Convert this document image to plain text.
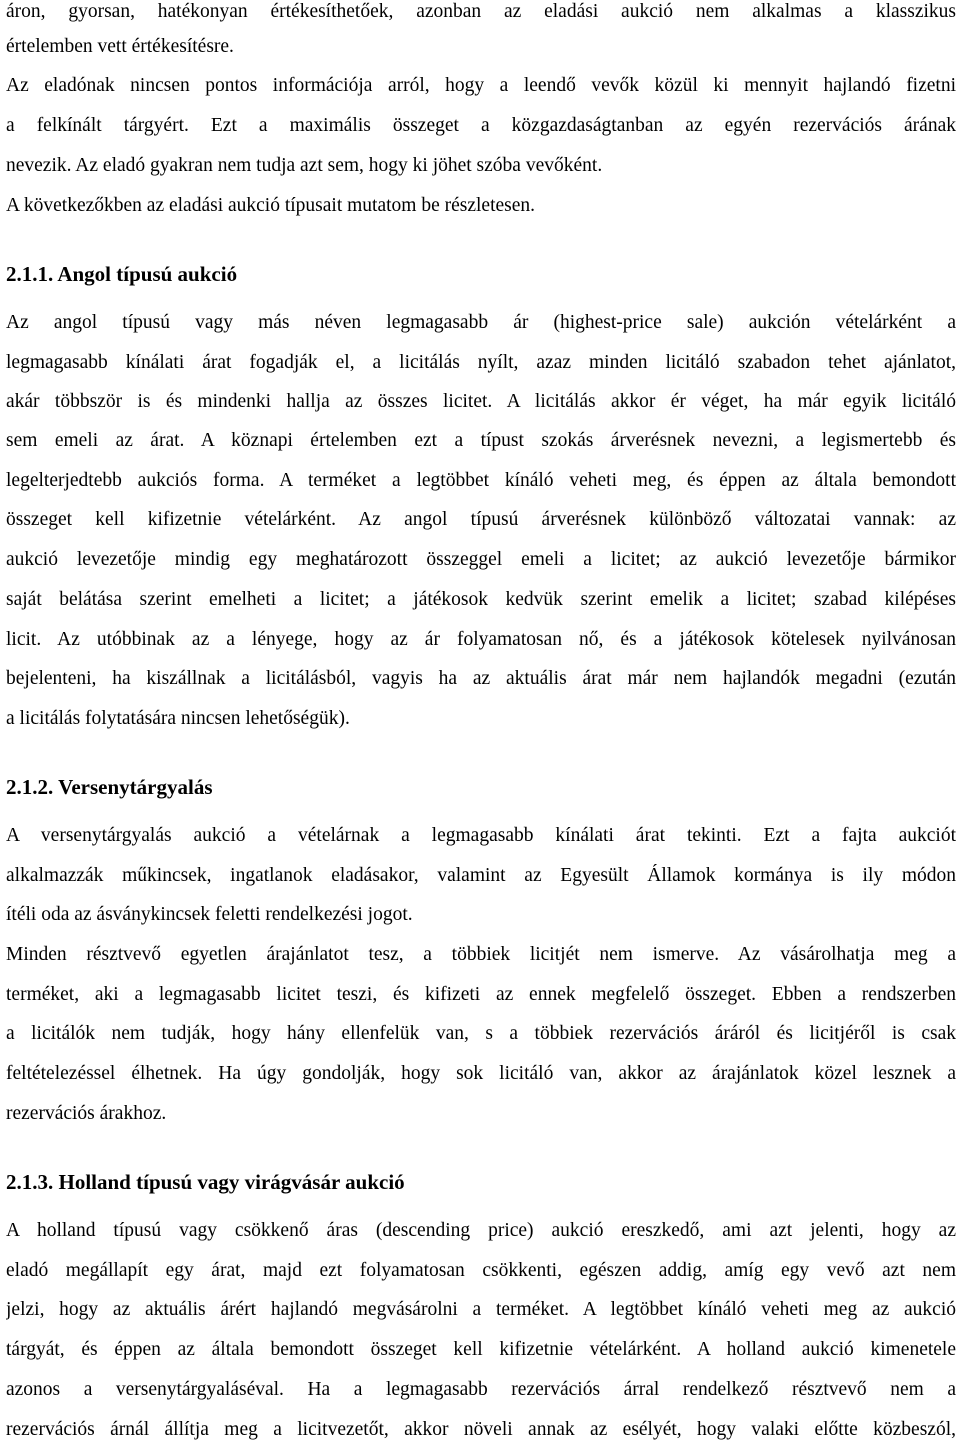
áron, gyorsan, hatékonyan értékesíthetőek, azonban az eladási aukció nem alkalmas a klasszikus
értelemben vett értékesítésre.
Az eladónak nincsen pontos információja arról, hogy a leendő vevők közül ki mennyit hajlandó fizetni
a felkínált tárgyért. Ezt a maximális összeget a közgazdaságtanban az egyén rezervációs árának
nevezik. Az eladó gyakran nem tudja azt sem, hogy ki jöhet szóba vevőként.
A következőkben az eladási aukció típusait mutatom be részletesen.
2.1.1. Angol típusú aukció
Az angol típusú vagy más néven legmagasabb ár (highest-price sale) aukción vételárként a
legmagasabb kínálati árat fogadják el, a licitálás nyílt, azaz minden licitáló szabadon tehet ajánlatot,
akár többször is és mindenki hallja az összes licitet. A licitálás akkor ér véget, ha már egyik licitáló
sem emeli az árat. A köznapi értelemben ezt a típust szokás árverésnek nevezni, a legismertebb és
legelterjedtebb aukciós forma. A terméket a legtöbbet kínáló veheti meg, és éppen az általa bemondott
összeget kell kifizetnie vételárként. Az angol típusú árverésnek különböző változatai vannak: az
aukció levezetője mindig egy meghatározott összeggel emeli a licitet; az aukció levezetője bármikor
saját belátása szerint emelheti a licitet; a játékosok kedvük szerint emelik a licitet; szabad kilépéses
licit. Az utóbbinak az a lényege, hogy az ár folyamatosan nő, és a játékosok kötelesek nyilvánosan
bejelenteni, ha kiszállnak a licitálásból, vagyis ha az aktuális árat már nem hajlandók megadni (ezután
a licitálás folytatására nincsen lehetőségük).
2.1.2. Versenytárgyalás
A versenytárgyalás aukció a vételárnak a legmagasabb kínálati árat tekinti. Ezt a fajta aukciót
alkalmazzák műkincsek, ingatlanok eladásakor, valamint az Egyesült Államok kormánya is ily módon
ítéli oda az ásványkincsek feletti rendelkezési jogot.
Minden résztvevő egyetlen árajánlatot tesz, a többiek licitjét nem ismerve. Az vásárolhatja meg a
terméket, aki a legmagasabb licitet teszi, és kifizeti az ennek megfelelő összeget. Ebben a rendszerben
a licitálók nem tudják, hogy hány ellenfelük van, s a többiek rezervációs áráról és licitjéről is csak
feltételezéssel élhetnek. Ha úgy gondolják, hogy sok licitáló van, akkor az árajánlatok közel lesznek a
rezervációs árakhoz.
2.1.3. Holland típusú vagy virágvásár aukció
A holland típusú vagy csökkenő áras (descending price) aukció ereszkedő, ami azt jelenti, hogy az
eladó megállapít egy árat, majd ezt folyamatosan csökkenti, egészen addig, amíg egy vevő azt nem
jelzi, hogy az aktuális árért hajlandó megvásárolni a terméket. A legtöbbet kínáló veheti meg az aukció
tárgyát, és éppen az általa bemondott összeget kell kifizetnie vételárként. A holland aukció kimenetele
azonos a versenytárgyaláséval. Ha a legmagasabb rezervációs árral rendelkező résztvevő nem a
rezervációs árnál állítja meg a licitvezetőt, akkor növeli annak az esélyét, hogy valaki előtte közbeszól,
